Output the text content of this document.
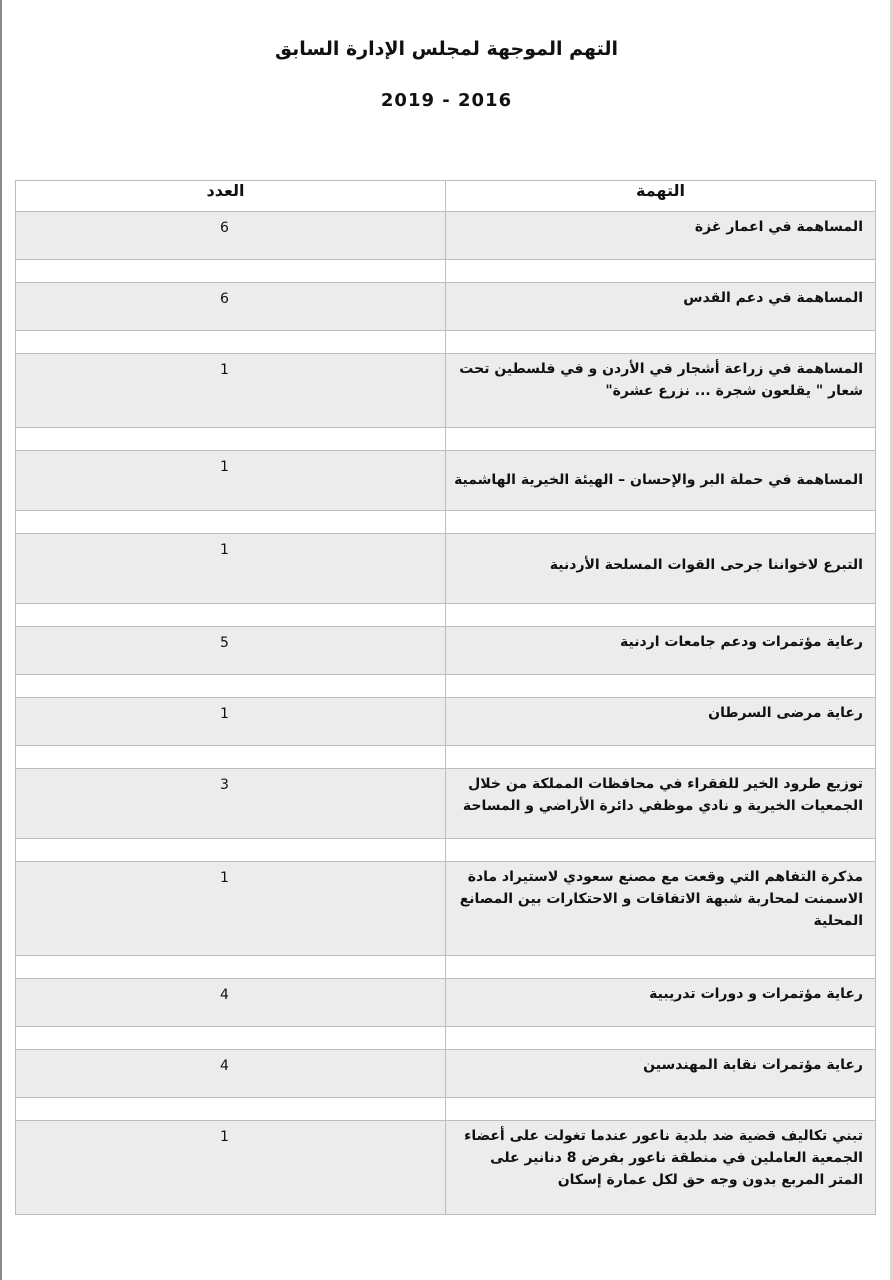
التهم الموجهة لمجلس الإدارة السابق
2019 - 2016
العدد	التهمة
6	المساهمة في اعمار غزة

6	المساهمة في دعم القدس

1	المساهمة في زراعة أشجار في الأردن و في فلسطين تحت شعار " يقلعون شجرة ... نزرع عشرة"

1	المساهمة في حملة البر والإحسان – الهيئة الخيرية الهاشمية

1	التبرع لاخواننا جرحى القوات المسلحة الأردنية

5	رعاية مؤتمرات ودعم جامعات اردنية

1	رعاية مرضى السرطان

3	توزيع طرود الخير للفقراء في محافظات المملكة من خلال الجمعيات الخيرية و نادي موظفي دائرة الأراضي و المساحة

1	مذكرة التفاهم التي وقعت مع مصنع سعودي لاستيراد مادة الاسمنت لمحاربة شبهة الاتفاقات و الاحتكارات بين المصانع المحلية

4	رعاية مؤتمرات و دورات تدريبية

4	رعاية مؤتمرات نقابة المهندسين

1	تبني تكاليف قضية ضد بلدية ناعور عندما تغولت على أعضاء الجمعية العاملين في منطقة ناعور بفرض 8 دنانير على المتر المربع بدون وجه حق لكل عمارة إسكان
